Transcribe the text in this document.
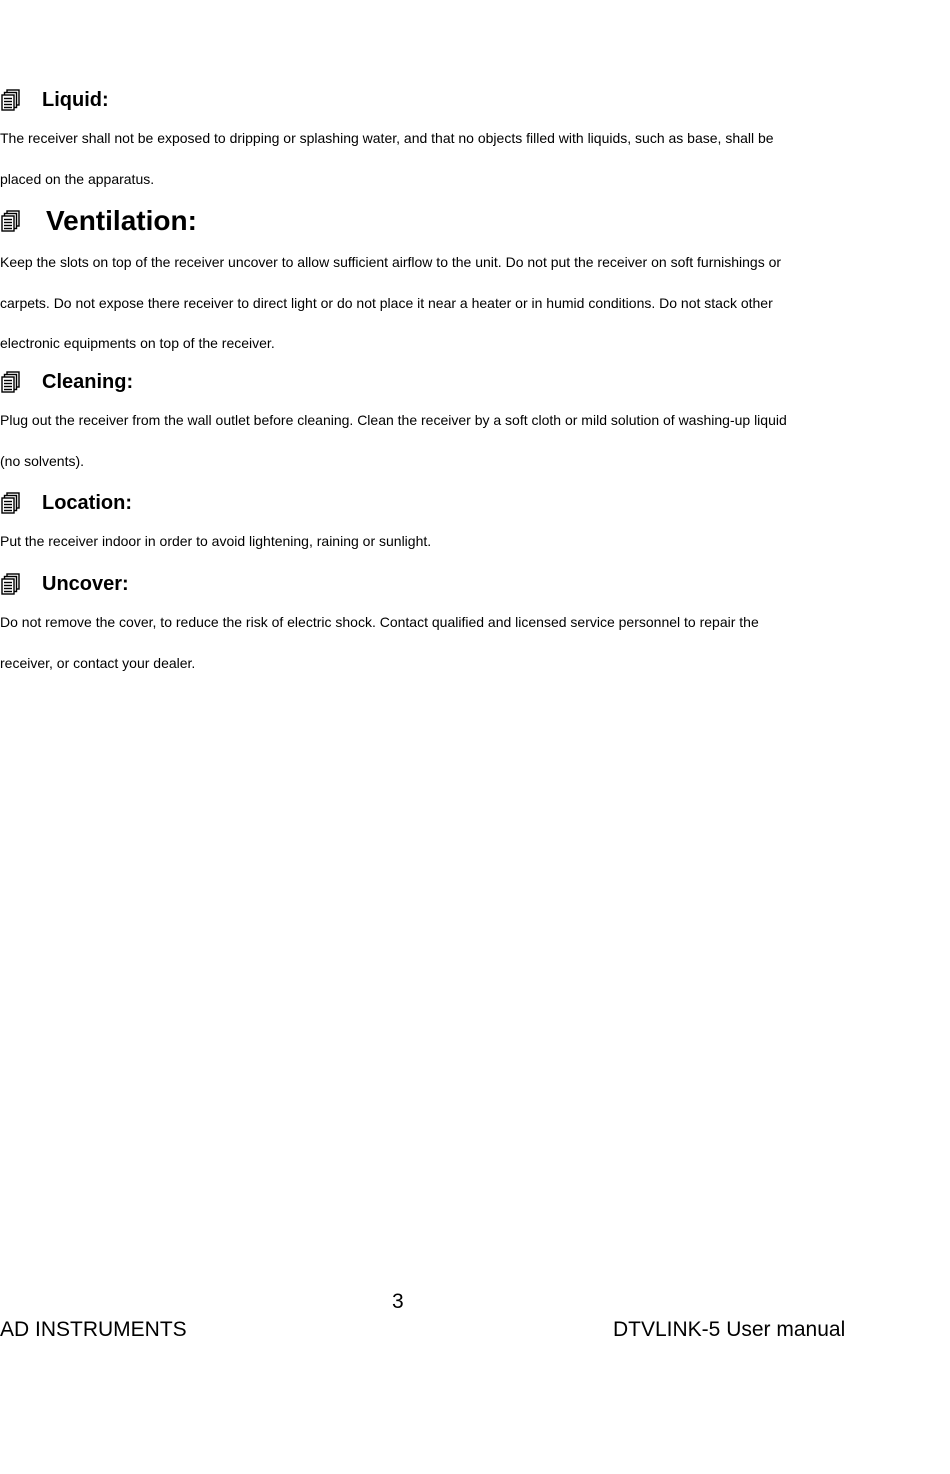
Liquid:

The receiver shall not be exposed to dripping or splashing water, and that no objects filled with liquids, such as base, shall be

placed on the apparatus.

Ventilation:

Keep the slots on top of the receiver uncover to allow sufficient airflow to the unit. Do not put the receiver on soft furnishings or

carpets. Do not expose there receiver to direct light or do not place it near a heater or in humid conditions. Do not stack other

electronic equipments on top of the receiver.

Cleaning:

Plug out the receiver from the wall outlet before cleaning. Clean the receiver by a soft cloth or mild solution of washing-up liquid

(no solvents).

Location:

Put the receiver indoor in order to avoid lightening, raining or sunlight.

Uncover:

Do not remove the cover, to reduce the risk of electric shock. Contact qualified and licensed service personnel to repair the

receiver, or contact your dealer.

3
AD INSTRUMENTS	DTVLINK-5 User manual
